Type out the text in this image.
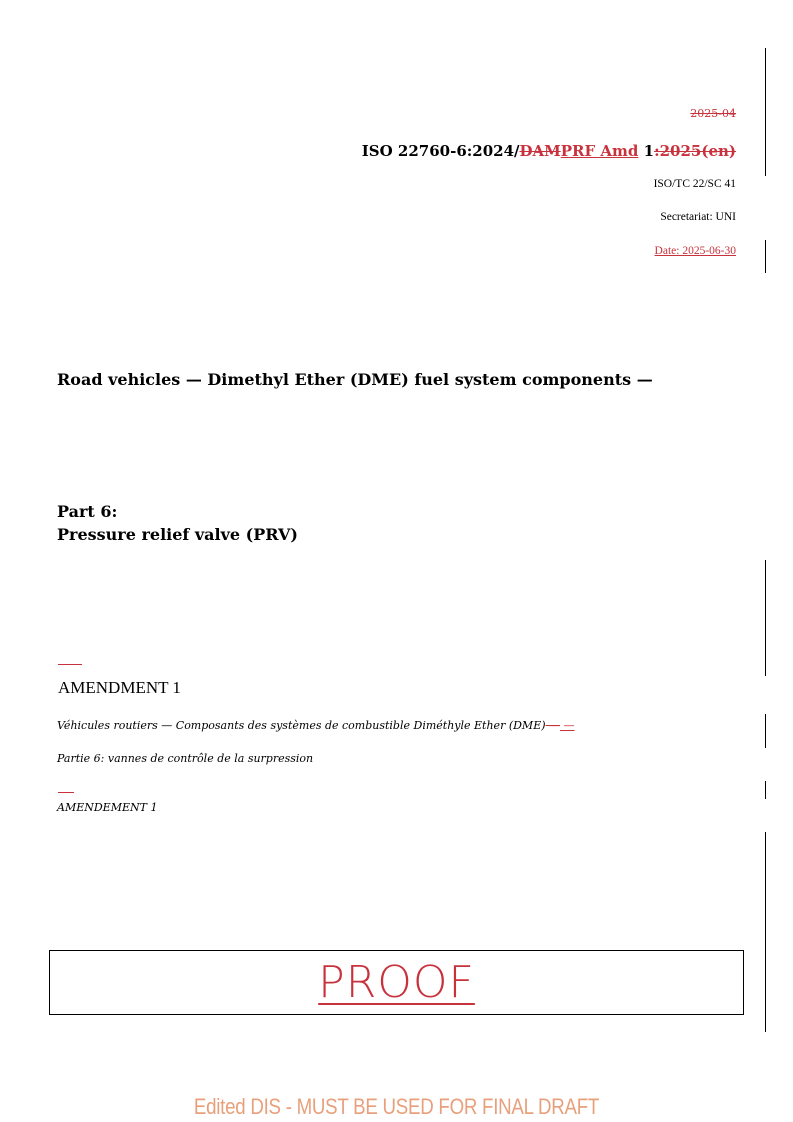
2025-04
ISO 22760-6:2024/DAMPRF Amd 1:2025(en)
ISO/TC 22/SC 41
Secretariat: UNI
Date: 2025-06-30
Road vehicles — Dimethyl Ether (DME) fuel system components —
Part 6:
Pressure relief valve (PRV)
AMENDMENT 1
Véhicules routiers — Composants des systèmes de combustible Diméthyle Ether (DME) — —
Partie 6: vannes de contrôle de la surpression
AMENDEMENT 1
PROOF
Edited DIS - MUST BE USED FOR FINAL DRAFT
